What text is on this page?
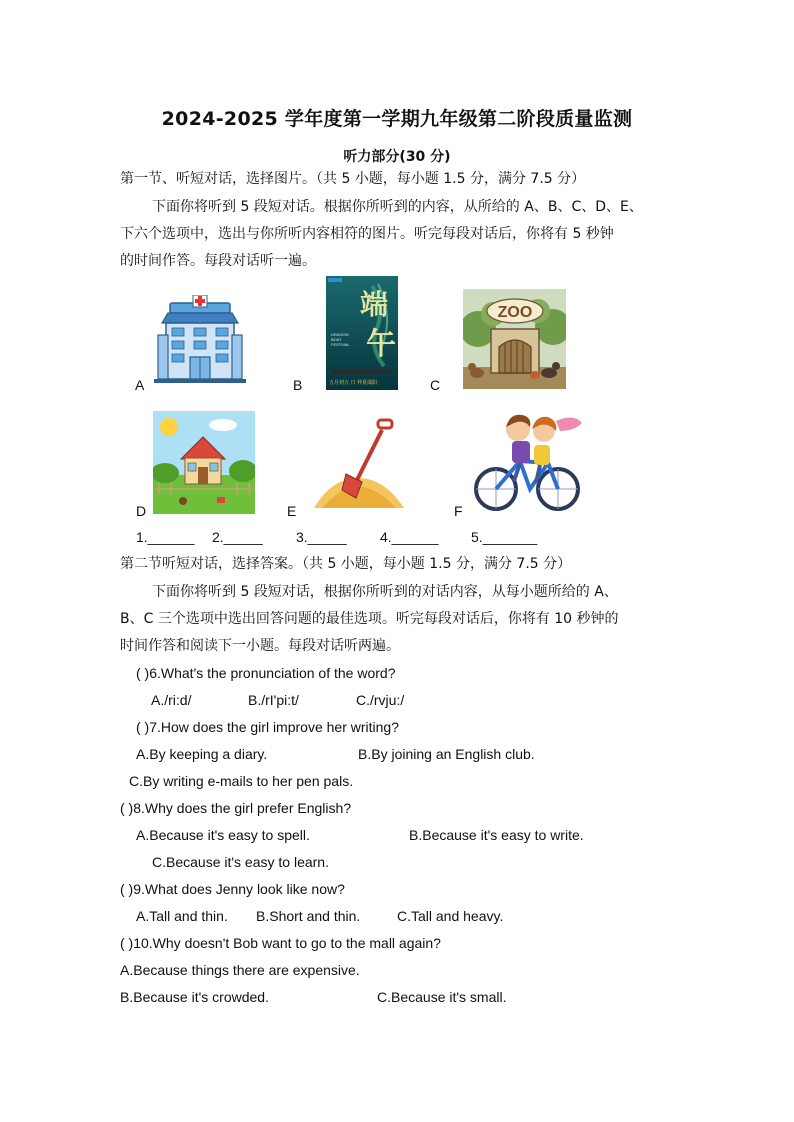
2024-2025 学年度第一学期九年级第二阶段质量监测
听力部分(30 分)
第一节、听短对话，选择图片。（共 5 小题，每小题 1.5 分，满分 7.5 分）
下面你将听到 5 段短对话。根据你所听到的内容，从所给的 A、B、C、D、E、
下六个选项中，选出与你所听内容相符的图片。听完每段对话后，你将有 5 秒钟
的时间作答。每段对话听一遍。
A	B	C
D	E	F
端
午
DRAGON
BOAT
FESTIVAL
五月初五 日 仲夏端阳
ZOO
1.______ 2._____ 3._____ 4.______ 5._______
第二节听短对话，选择答案。（共 5 小题，每小题 1.5 分，满分 7.5 分）
下面你将听到 5 段短对话，根据你所听到的对话内容，从每小题所给的 A、
B、C 三个选项中选出回答问题的最佳选项。听完每段对话后，你将有 10 秒钟的
时间作答和阅读下一小题。每段对话听两遍。
( )6.What's the pronunciation of the word?
A./ri:d/	B./rI'pi:t/	C./rvju:/
( )7.How does the girl improve her writing?
A.By keeping a diary.	B.By joining an English club.
C.By writing e-mails to her pen pals.
( )8.Why does the girl prefer English?
A.Because it's easy to spell.	B.Because it's easy to write.
C.Because it's easy to learn.
( )9.What does Jenny look like now?
A.Tall and thin. B.Short and thin.	C.Tall and heavy.
( )10.Why doesn't Bob want to go to the mall again?
A.Because things there are expensive.
B.Because it's crowded.	C.Because it's small.
